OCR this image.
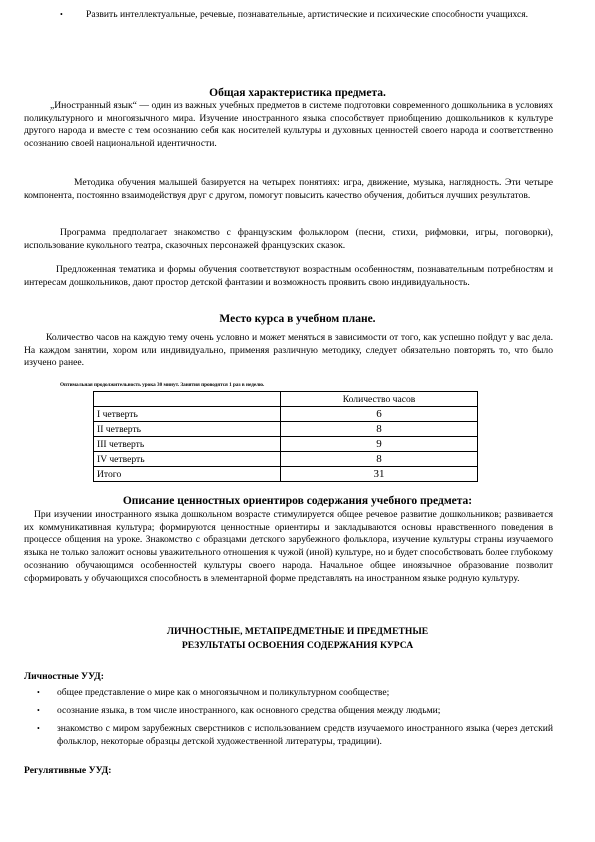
• Развить интеллектуальные, речевые, познавательные, артистические и психические способности учащихся.
Общая характеристика предмета.

„Иностранный язык“ — один из важных учебных предметов в системе подготовки современного дошкольника в условиях поликультурного и многоязычного мира. Изучение иностранного языка способствует приобщению дошкольников к культуре другого народа и вместе с тем осознанию себя как носителей культуры и духовных ценностей своего народа и соответственно осознанию своей национальной идентичности.

Методика обучения малышей базируется на четырех понятиях: игра, движение, музыка, наглядность. Эти четыре компонента, постоянно взаимодействуя друг с другом, помогут повысить качество обучения, добиться лучших результатов.

Программа предполагает знакомство с французским фольклором (песни, стихи, рифмовки, игры, поговорки), использование кукольного театра, сказочных персонажей французских сказок.

Предложенная тематика и формы обучения соответствуют возрастным особенностям, познавательным потребностям и интересам дошкольников, дают простор детской фантазии и возможность проявить свою индивидуальность.

Место курса в учебном плане.

Количество часов на каждую тему очень условно и может меняться в зависимости от того, как успешно пойдут у вас дела. На каждом занятии, хором или индивидуально, применяя различную методику, следует обязательно повторять то, что было изучено ранее.

Оптимальная продолжительность урока 30 минут. Занятия проводятся 1 раз в неделю.
	Количество часов
I четверть	6
II четверть	8
III четверть	9
IV четверть	8
Итого	31
Описание ценностных ориентиров содержания учебного предмета:

При изучении иностранного языка дошкольном возрасте стимулируется общее речевое развитие дошкольников; развивается их коммуникативная культура; формируются ценностные ориентиры и закладываются основы нравственного поведения в процессе общения на уроке. Знакомство с образцами детского зарубежного фольклора, изучение культуры страны изучаемого языка не только заложит основы уважительного отношения к чужой (иной) культуре, но и будет способствовать более глубокому осознанию обучающимся особенностей культуры своего народа. Начальное общее иноязычное образование позволит сформировать у обучающихся способность в элементарной форме представлять на иностранном языке родную культуру.

ЛИЧНОСТНЫЕ, МЕТАПРЕДМЕТНЫЕ И ПРЕДМЕТНЫЕ
РЕЗУЛЬТАТЫ ОСВОЕНИЯ СОДЕРЖАНИЯ КУРСА
Личностные УУД:
• общее представление о мире как о многоязычном и поликультурном сообществе;
• осознание языка, в том числе иностранного, как основного средства общения между людьми;
• знакомство с миром зарубежных сверстников с использованием средств изучаемого иностранного языка (через детский фольклор, некоторые образцы детской художественной литературы, традиции).
Регулятивные УУД:
